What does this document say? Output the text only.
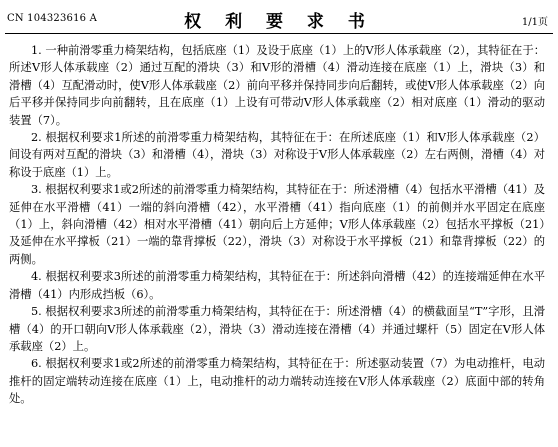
CN 104323616 A	权 利 要 求 书	1/1页

1. 一种前滑零重力椅架结构，包括底座（1）及设于底座（1）上的V形人体承载座（2），其特征在于：所述V形人体承载座（2）通过互配的滑块（3）和V形的滑槽（4）滑动连接在底座（1）上，滑块（3）和滑槽（4）互配滑动时，使V形人体承载座（2）前向平移并保持同步向后翻转，或使V形人体承载座（2）向后平移并保持同步向前翻转，且在底座（1）上设有可带动V形人体承载座（2）相对底座（1）滑动的驱动装置（7）。

2. 根据权利要求1所述的前滑零重力椅架结构，其特征在于：在所述底座（1）和V形人体承载座（2）间设有两对互配的滑块（3）和滑槽（4），滑块（3）对称设于V形人体承载座（2）左右两侧，滑槽（4）对称设于底座（1）上。

3. 根据权利要求1或2所述的前滑零重力椅架结构，其特征在于：所述滑槽（4）包括水平滑槽（41）及延伸在水平滑槽（41）一端的斜向滑槽（42），水平滑槽（41）指向底座（1）的前侧并水平固定在底座（1）上，斜向滑槽（42）相对水平滑槽（41）朝向后上方延伸；V形人体承载座（2）包括水平撑板（21）及延伸在水平撑板（21）一端的靠背撑板（22），滑块（3）对称设于水平撑板（21）和靠背撑板（22）的两侧。

4. 根据权利要求3所述的前滑零重力椅架结构，其特征在于：所述斜向滑槽（42）的连接端延伸在水平滑槽（41）内形成挡板（6）。

5. 根据权利要求3所述的前滑零重力椅架结构，其特征在于：所述滑槽（4）的横截面呈“T”字形，且滑槽（4）的开口朝向V形人体承载座（2），滑块（3）滑动连接在滑槽（4）并通过螺杆（5）固定在V形人体承载座（2）上。

6. 根据权利要求1或2所述的前滑零重力椅架结构，其特征在于：所述驱动装置（7）为电动推杆，电动推杆的固定端转动连接在底座（1）上，电动推杆的动力端转动连接在V形人体承载座（2）底面中部的转角处。
